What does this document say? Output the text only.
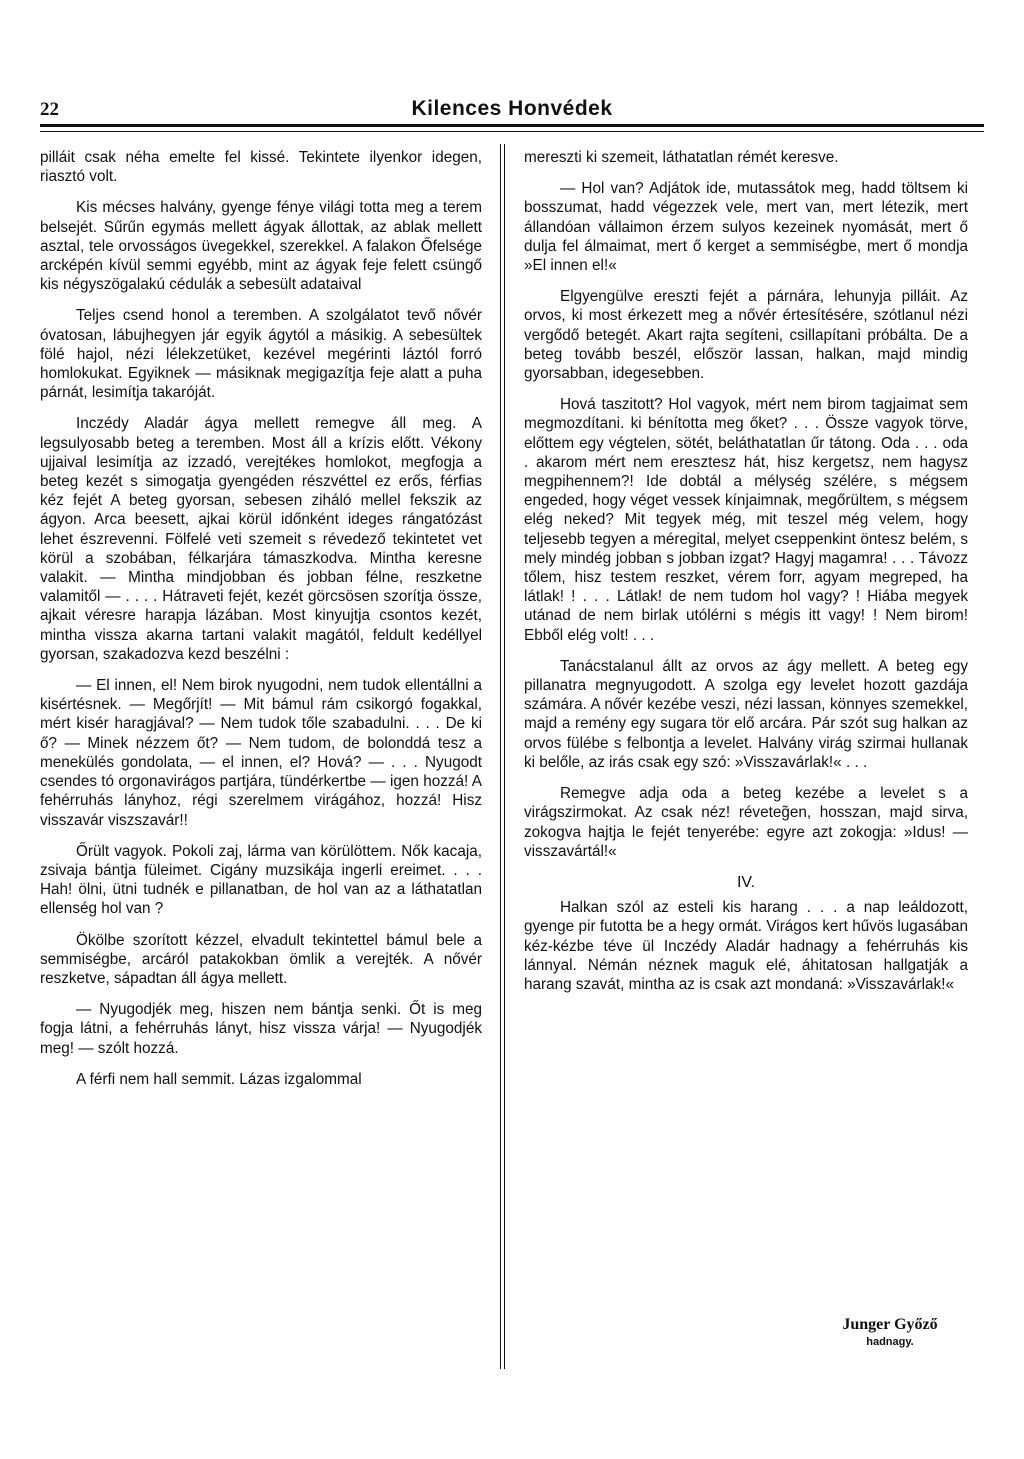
22	Kilences Honvédek

pilláit csak néha emelte fel kissé. Tekintete ilyenkor idegen, riasztó volt.

Kis mécses halvány, gyenge fénye világi totta meg a terem belsejét. Sűrűn egymás mellett ágyak állottak, az ablak mellett asztal, tele orvosságos üvegekkel, szerekkel. A falakon Őfelsége arcképén kívül semmi egyébb, mint az ágyak feje felett csüngő kis négyszögalakú cédulák a sebesült adataival

Teljes csend honol a teremben. A szolgálatot tevő nővér óvatosan, lábujhegyen jár egyik ágytól a másikig. A sebesültek fölé hajol, nézi lélekzetüket, kezével megérinti láztól forró homlokukat. Egyiknek — másiknak megigazítja feje alatt a puha párnát, lesimítja takaróját.

Inczédy Aladár ágya mellett remegve áll meg. A legsulyosabb beteg a teremben. Most áll a krízis előtt. Vékony ujjaival lesimítja az izzadó, verejtékes homlokot, megfogja a beteg kezét s simogatja gyengéden részvéttel ez erős, férfias kéz fejét A beteg gyorsan, sebesen ziháló mellel fekszik az ágyon. Arca beesett, ajkai körül időnként ideges rángatózást lehet észrevenni. Fölfelé veti szemeit s révedező tekintetet vet körül a szobában, félkarjára támaszkodva. Mintha keresne valakit. — Mintha mindjobban és jobban félne, reszketne valamitől — . . . . Hátraveti fejét, kezét görcsösen szorítja össze, ajkait véresre harapja lázában. Most kinyujtja csontos kezét, mintha vissza akarna tartani valakit magától, feldult kedéllyel gyorsan, szakadozva kezd beszélni :

— El innen, el! Nem birok nyugodni, nem tudok ellentállni a kisértésnek. — Megőrjít! — Mit bámul rám csikorgó fogakkal, mért kisér haragjával? — Nem tudok tőle szabadulni. . . . De ki ő? — Minek nézzem őt? — Nem tudom, de bolonddá tesz a menekülés gondolata, — el innen, el? Hová? — . . . Nyugodt csendes tó orgonavirágos partjára, tündérkertbe — igen hozzá! A fehérruhás lányhoz, régi szerelmem virágához, hozzá! Hisz visszavár viszszavár!!

Őrült vagyok. Pokoli zaj, lárma van körülöttem. Nők kacaja, zsivaja bántja füleimet. Cigány muzsikája ingerli ereimet. . . . Hah! ölni, ütni tudnék e pillanatban, de hol van az a láthatatlan ellenség hol van ?

Ökölbe szorított kézzel, elvadult tekintettel bámul bele a semmiségbe, arcáról patakokban ömlik a verejték. A nővér reszketve, sápadtan áll ágya mellett.

— Nyugodjék meg, hiszen nem bántja senki. Őt is meg fogja látni, a fehérruhás lányt, hisz vissza várja! — Nyugodjék meg! — szólt hozzá.

A férfi nem hall semmit. Lázas izgalommal

mereszti ki szemeit, láthatatlan rémét keresve.

— Hol van? Adjátok ide, mutassátok meg, hadd töltsem ki bosszumat, hadd végezzek vele, mert van, mert létezik, mert állandóan vállaimon érzem sulyos kezeinek nyomását, mert ő dulja fel álmaimat, mert ő kerget a semmiségbe, mert ő mondja »El innen el!«

Elgyengülve ereszti fejét a párnára, lehunyja pilláit. Az orvos, ki most érkezett meg a nővér értesítésére, szótlanul nézi vergődő betegét. Akart rajta segíteni, csillapítani próbálta. De a beteg tovább beszél, először lassan, halkan, majd mindig gyorsabban, idegesebben.

Hová taszitott? Hol vagyok, mért nem birom tagjaimat sem megmozdítani. ki bénította meg őket? . . . Össze vagyok törve, előttem egy végtelen, sötét, beláthatatlan űr tátong. Oda . . . oda . akarom mért nem eresztesz hát, hisz kergetsz, nem hagysz megpihennem?! Ide dobtál a mélység szélére, s mégsem engeded, hogy véget vessek kínjaimnak, megőrültem, s mégsem elég neked? Mit tegyek még, mit teszel még velem, hogy teljesebb tegyen a méregital, melyet cseppenkint öntesz belém, s mely mindég jobban s jobban izgat? Hagyj magamra! . . . Távozz tőlem, hisz testem reszket, vérem forr, agyam megreped, ha látlak! ! . . . Látlak! de nem tudom hol vagy? ! Hiába megyek utánad de nem birlak utólérni s mégis itt vagy! ! Nem birom! Ebből elég volt! . . .

Tanácstalanul állt az orvos az ágy mellett. A beteg egy pillanatra megnyugodott. A szolga egy levelet hozott gazdája számára. A nővér kezébe veszi, nézi lassan, könnyes szemekkel, majd a remény egy sugara tör elő arcára. Pár szót sug halkan az orvos fülébe s felbontja a levelet. Halvány virág szirmai hullanak ki belőle, az irás csak egy szó: »Visszavárlak!« . . .

Remegve adja oda a beteg kezébe a levelet s a virágszirmokat. Az csak néz! réveteg̃en, hosszan, majd sirva, zokogva hajtja le fejét tenyerébe: egyre azt zokogja: »Idus! — visszavártál!«

IV.

Halkan szól az esteli kis harang . . . a nap leáldozott, gyenge pir futotta be a hegy ormát. Virágos kert hűvös lugasában kéz-kézbe téve ül Inczédy Aladár hadnagy a fehérruhás kis lánnyal. Némán néznek maguk elé, áhitatosan hallgatják a harang szavát, mintha az is csak azt mondaná: »Visszavárlak!«

Junger Győző
hadnagy.
